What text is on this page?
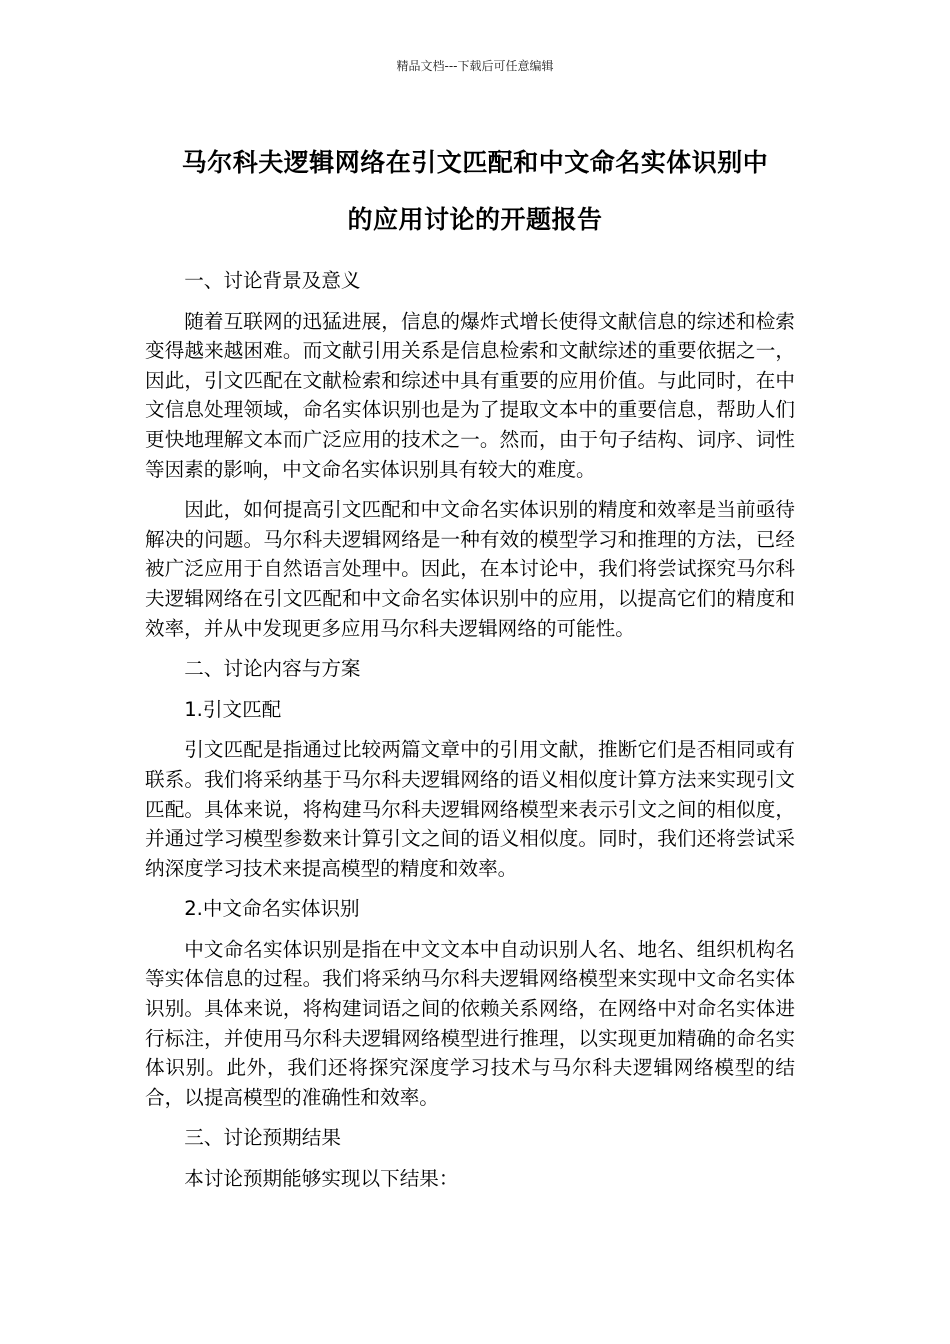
精品文档---下载后可任意编辑
马尔科夫逻辑网络在引文匹配和中文命名实体识别中
的应用讨论的开题报告

一、讨论背景及意义

随着互联网的迅猛进展，信息的爆炸式增长使得文献信息的综述和检索变得越来越困难。而文献引用关系是信息检索和文献综述的重要依据之一，因此，引文匹配在文献检索和综述中具有重要的应用价值。与此同时，在中文信息处理领域，命名实体识别也是为了提取文本中的重要信息，帮助人们更快地理解文本而广泛应用的技术之一。然而，由于句子结构、词序、词性等因素的影响，中文命名实体识别具有较大的难度。

因此，如何提高引文匹配和中文命名实体识别的精度和效率是当前亟待解决的问题。马尔科夫逻辑网络是一种有效的模型学习和推理的方法，已经被广泛应用于自然语言处理中。因此，在本讨论中，我们将尝试探究马尔科夫逻辑网络在引文匹配和中文命名实体识别中的应用，以提高它们的精度和效率，并从中发现更多应用马尔科夫逻辑网络的可能性。

二、讨论内容与方案

1.引文匹配

引文匹配是指通过比较两篇文章中的引用文献，推断它们是否相同或有联系。我们将采纳基于马尔科夫逻辑网络的语义相似度计算方法来实现引文匹配。具体来说，将构建马尔科夫逻辑网络模型来表示引文之间的相似度，并通过学习模型参数来计算引文之间的语义相似度。同时，我们还将尝试采纳深度学习技术来提高模型的精度和效率。

2.中文命名实体识别

中文命名实体识别是指在中文文本中自动识别人名、地名、组织机构名等实体信息的过程。我们将采纳马尔科夫逻辑网络模型来实现中文命名实体识别。具体来说，将构建词语之间的依赖关系网络，在网络中对命名实体进行标注，并使用马尔科夫逻辑网络模型进行推理，以实现更加精确的命名实体识别。此外，我们还将探究深度学习技术与马尔科夫逻辑网络模型的结合，以提高模型的准确性和效率。

三、讨论预期结果

本讨论预期能够实现以下结果：
